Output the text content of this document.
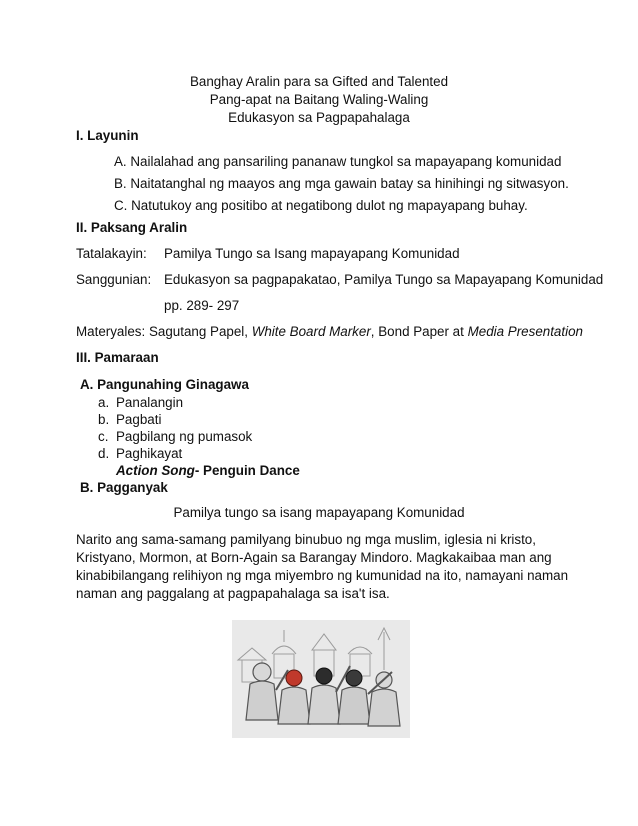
Banghay Aralin para sa Gifted and Talented
Pang-apat na Baitang Waling-Waling
Edukasyon sa Pagpapahalaga
I. Layunin
A. Nailalahad ang pansariling pananaw tungkol sa mapayapang komunidad
B. Naitatanghal ng maayos ang mga gawain batay sa hinihingi ng sitwasyon.
C. Natutukoy ang positibo at negatibong dulot ng mapayapang buhay.
II. Paksang Aralin
Tatalakayin: Pamilya Tungo sa Isang mapayapang Komunidad
Sanggunian: Edukasyon sa pagpapakatao, Pamilya Tungo sa Mapayapang Komunidad
pp. 289- 297
Materyales: Sagutang Papel, White Board Marker, Bond Paper at Media Presentation
III. Pamaraan
A. Pangunahing Ginagawa
a. Panalangin
b. Pagbati
c. Pagbilang ng pumasok
d. Paghikayat
Action Song- Penguin Dance
B. Pagganyak
Pamilya tungo sa isang mapayapang Komunidad
Narito ang sama-samang pamilyang binubuo ng mga muslim, iglesia ni kristo,
Kristyano, Mormon, at Born-Again sa Barangay Mindoro. Magkakaibaa man ang
kinabibilangang relihiyon ng mga miyembro ng kumunidad na ito, namayani naman
naman ang paggalang at pagpapahalaga sa isa't isa.
